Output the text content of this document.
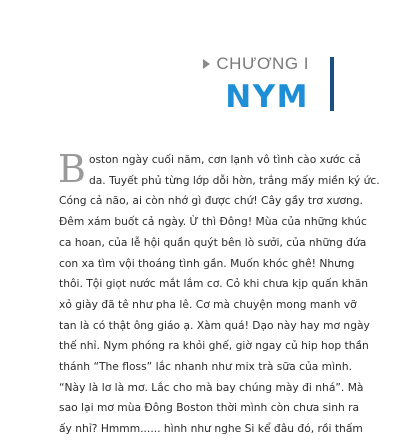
CHƯƠNG I
NYM
B oston ngày cuối năm, cơn lạnh vô tình cào xước cả
da. Tuyết phủ từng lớp dỗi hờn, trắng mấy miền ký ức.
Cóng cả não, ai còn nhớ gì được chứ! Cây gầy trơ xương.
Đêm xám buốt cả ngày. Ừ thì Đông! Mùa của những khúc
ca hoan, của lễ hội quần quýt bên lò sưởi, của những đứa
con xa tìm vội thoáng tình gần. Muốn khóc ghê! Nhưng
thôi. Tội giọt nước mắt lắm cơ. Cỏ khi chưa kịp quấn khăn
xỏ giày đã tê như pha lê. Cơ mà chuyện mong manh vỡ
tan là có thật ông giáo ạ. Xàm quá! Dạo này hay mơ ngày
thế nhỉ. Nym phóng ra khỏi ghế, giờ ngay củ hip hop thần
thánh “The floss” lắc nhanh như mix trà sữa của mình.
“Này là lơ là mơ. Lắc cho mà bay chúng mày đi nhá”. Mà
sao lại mơ mùa Đông Boston thời mình còn chưa sinh ra
ấy nhỉ? Hmmm...... hình như nghe Si kể đâu đó, rồi thấm
